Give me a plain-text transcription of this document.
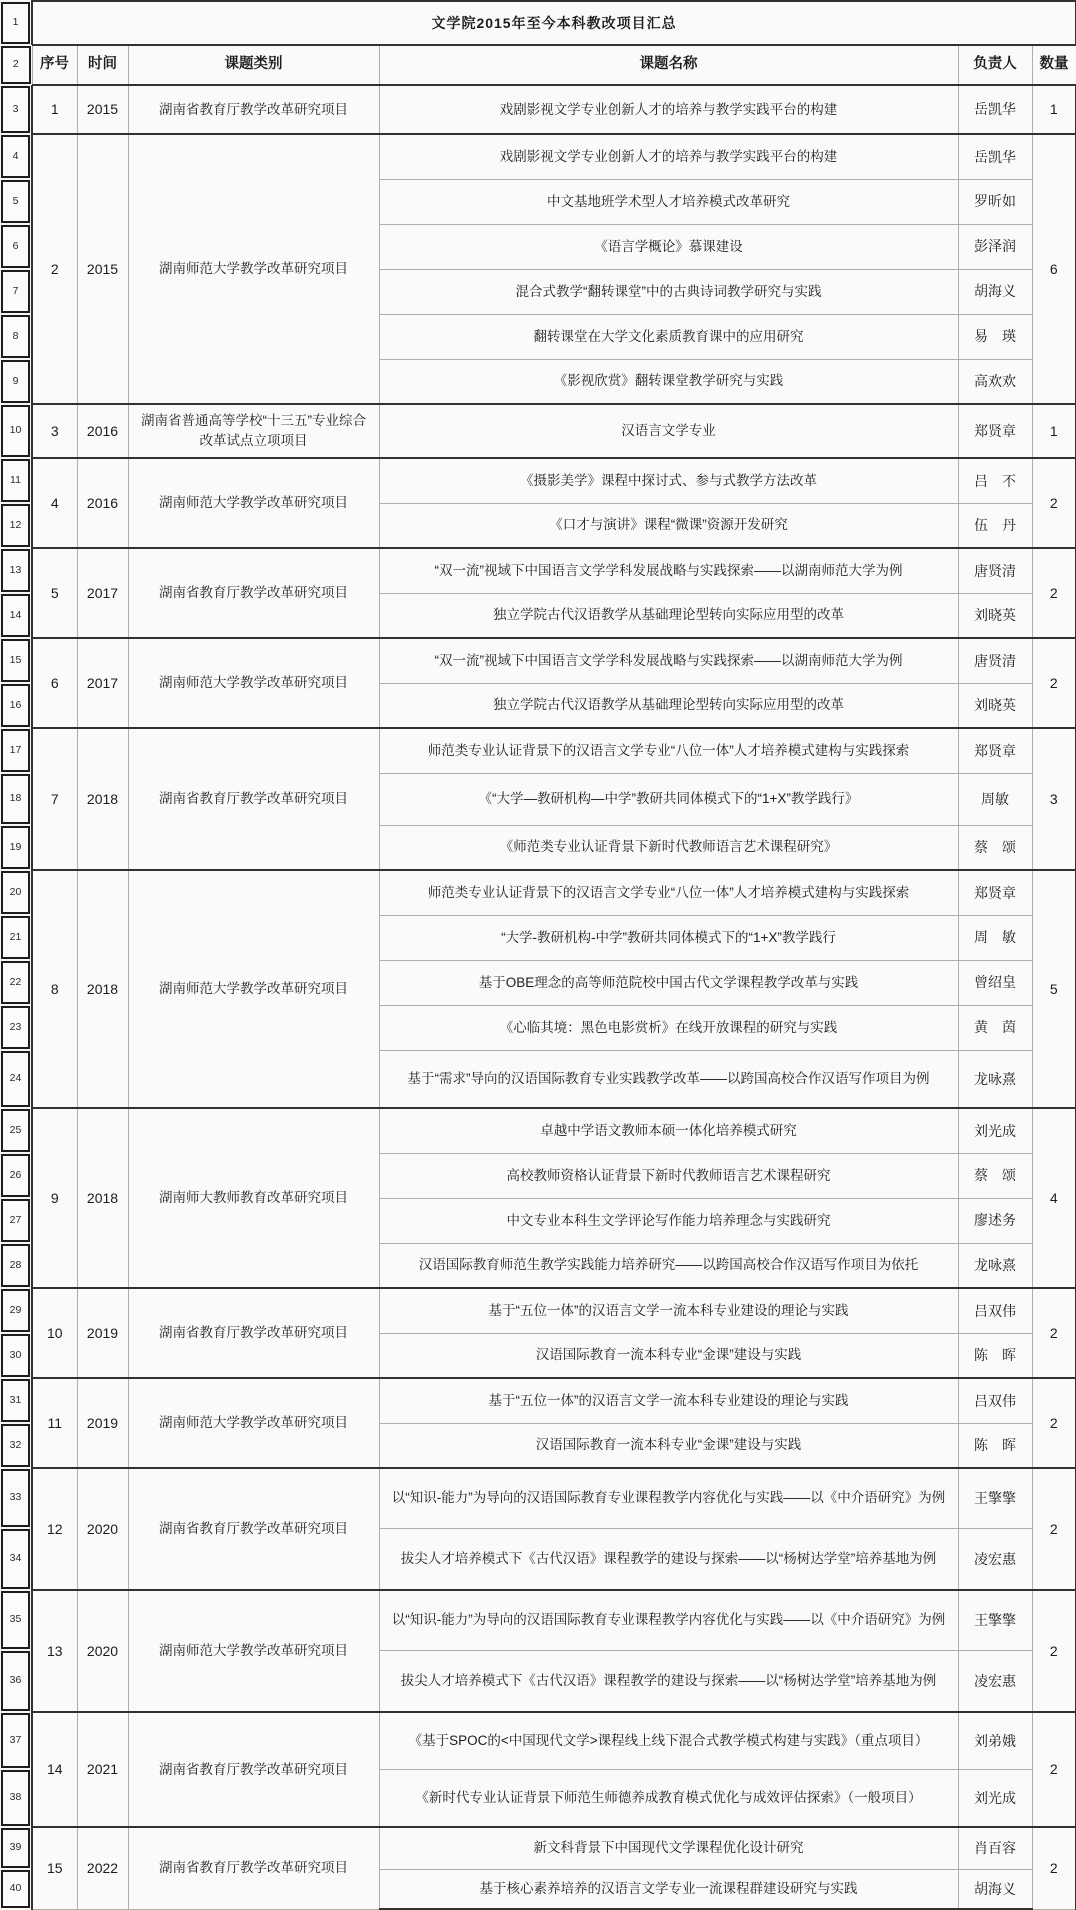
1	文学院2015年至今本科教改项目汇总					

2	序号	时间	课题类别	课题名称	负责人	数量

3	1	2015	湖南省教育厅教学改革研究项目	戏剧影视文学专业创新人才的培养与教学实践平台的构建	岳凯华	1

4	2	2015	湖南师范大学教学改革研究项目	戏剧影视文学专业创新人才的培养与教学实践平台的构建	岳凯华	6

5				中文基地班学术型人才培养模式改革研究	罗昕如	

6				《语言学概论》慕课建设	彭泽润	

7				混合式教学“翻转课堂”中的古典诗词教学研究与实践	胡海义	

8				翻转课堂在大学文化素质教育课中的应用研究	易　瑛	

9				《影视欣赏》翻转课堂教学研究与实践	高欢欢	

10	3	2016	湖南省普通高等学校“十三五”专业综合改革试点立项项目	汉语言文学专业	郑贤章	1

11	4	2016	湖南师范大学教学改革研究项目	《摄影美学》课程中探讨式、参与式教学方法改革	吕　不	2

12				《口才与演讲》课程“微课”资源开发研究	伍　丹	

13	5	2017	湖南省教育厅教学改革研究项目	“双一流”视域下中国语言文学学科发展战略与实践探索——以湖南师范大学为例	唐贤清	2

14				独立学院古代汉语教学从基础理论型转向实际应用型的改革	刘晓英	

15	6	2017	湖南师范大学教学改革研究项目	“双一流”视域下中国语言文学学科发展战略与实践探索——以湖南师范大学为例	唐贤清	2

16				独立学院古代汉语教学从基础理论型转向实际应用型的改革	刘晓英	

17	7	2018	湖南省教育厅教学改革研究项目	师范类专业认证背景下的汉语言文学专业“八位一体”人才培养模式建构与实践探索	郑贤章	3

18				《“大学—教研机构—中学”教研共同体模式下的“1+X”教学践行》	周敏	

19				《师范类专业认证背景下新时代教师语言艺术课程研究》	蔡　颂	

20	8	2018	湖南师范大学教学改革研究项目	师范类专业认证背景下的汉语言文学专业“八位一体”人才培养模式建构与实践探索	郑贤章	5

21				“大学-教研机构-中学”教研共同体模式下的“1+X”教学践行	周　敏	

22				基于OBE理念的高等师范院校中国古代文学课程教学改革与实践	曾绍皇	

23				《心临其境：黑色电影赏析》在线开放课程的研究与实践	黄　茵	

24				基于“需求”导向的汉语国际教育专业实践教学改革——以跨国高校合作汉语写作项目为例	龙咏熹	

25	9	2018	湖南师大教师教育改革研究项目	卓越中学语文教师本硕一体化培养模式研究	刘光成	4

26				高校教师资格认证背景下新时代教师语言艺术课程研究	蔡　颂	

27				中文专业本科生文学评论写作能力培养理念与实践研究	廖述务	

28				汉语国际教育师范生教学实践能力培养研究——以跨国高校合作汉语写作项目为依托	龙咏熹	

29	10	2019	湖南省教育厅教学改革研究项目	基于“五位一体”的汉语言文学一流本科专业建设的理论与实践	吕双伟	2

30				汉语国际教育一流本科专业“金课”建设与实践	陈　晖	

31	11	2019	湖南师范大学教学改革研究项目	基于“五位一体”的汉语言文学一流本科专业建设的理论与实践	吕双伟	2

32				汉语国际教育一流本科专业“金课”建设与实践	陈　晖	

33	12	2020	湖南省教育厅教学改革研究项目	以“知识-能力”为导向的汉语国际教育专业课程教学内容优化与实践——以《中介语研究》为例	王擎擎	2

34				拔尖人才培养模式下《古代汉语》课程教学的建设与探索——以“杨树达学堂”培养基地为例	凌宏惠	

35	13	2020	湖南师范大学教学改革研究项目	以“知识-能力”为导向的汉语国际教育专业课程教学内容优化与实践——以《中介语研究》为例	王擎擎	2

36				拔尖人才培养模式下《古代汉语》课程教学的建设与探索——以“杨树达学堂”培养基地为例	凌宏惠	

37	14	2021	湖南省教育厅教学改革研究项目	《基于SPOC的<中国现代文学>课程线上线下混合式教学模式构建与实践》（重点项目）	刘弟娥	2

38				《新时代专业认证背景下师范生师德养成教育模式优化与成效评估探索》（一般项目）	刘光成	

39	15	2022	湖南省教育厅教学改革研究项目	新文科背景下中国现代文学课程优化设计研究	肖百容	2

40				基于核心素养培养的汉语言文学专业一流课程群建设研究与实践	胡海义	
